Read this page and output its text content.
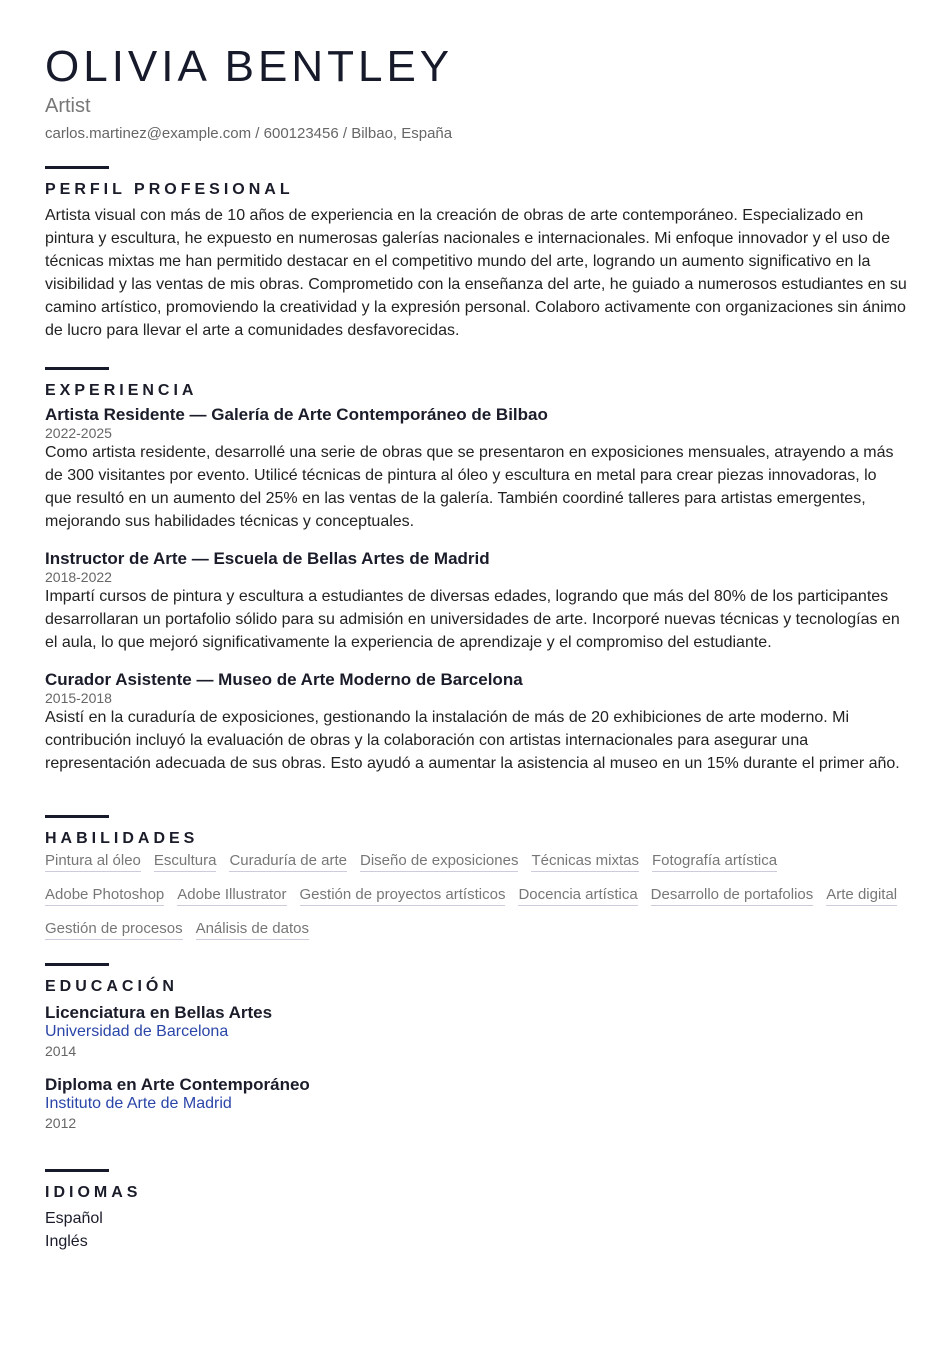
OLIVIA BENTLEY
Artist
carlos.martinez@example.com / 600123456 / Bilbao, España
PERFIL PROFESIONAL

Artista visual con más de 10 años de experiencia en la creación de obras de arte contemporáneo. Especializado en pintura y escultura, he expuesto en numerosas galerías nacionales e internacionales. Mi enfoque innovador y el uso de técnicas mixtas me han permitido destacar en el competitivo mundo del arte, logrando un aumento significativo en la visibilidad y las ventas de mis obras. Comprometido con la enseñanza del arte, he guiado a numerosos estudiantes en su camino artístico, promoviendo la creatividad y la expresión personal. Colaboro activamente con organizaciones sin ánimo de lucro para llevar el arte a comunidades desfavorecidas.

EXPERIENCIA
Artista Residente — Galería de Arte Contemporáneo de Bilbao
2022-2025

Como artista residente, desarrollé una serie de obras que se presentaron en exposiciones mensuales, atrayendo a más de 300 visitantes por evento. Utilicé técnicas de pintura al óleo y escultura en metal para crear piezas innovadoras, lo que resultó en un aumento del 25% en las ventas de la galería. También coordiné talleres para artistas emergentes, mejorando sus habilidades técnicas y conceptuales.

Instructor de Arte — Escuela de Bellas Artes de Madrid
2018-2022

Impartí cursos de pintura y escultura a estudiantes de diversas edades, logrando que más del 80% de los participantes desarrollaran un portafolio sólido para su admisión en universidades de arte. Incorporé nuevas técnicas y tecnologías en el aula, lo que mejoró significativamente la experiencia de aprendizaje y el compromiso del estudiante.

Curador Asistente — Museo de Arte Moderno de Barcelona
2015-2018

Asistí en la curaduría de exposiciones, gestionando la instalación de más de 20 exhibiciones de arte moderno. Mi contribución incluyó la evaluación de obras y la colaboración con artistas internacionales para asegurar una representación adecuada de sus obras. Esto ayudó a aumentar la asistencia al museo en un 15% durante el primer año.

HABILIDADES
Pintura al óleo Escultura Curaduría de arte Diseño de exposiciones Técnicas mixtas Fotografía artística
Adobe Photoshop Adobe Illustrator Gestión de proyectos artísticos Docencia artística Desarrollo de portafolios Arte digital
Gestión de procesos Análisis de datos
EDUCACIÓN
Licenciatura en Bellas Artes
Universidad de Barcelona
2014
Diploma en Arte Contemporáneo
Instituto de Arte de Madrid
2012
IDIOMAS
Español
Inglés
